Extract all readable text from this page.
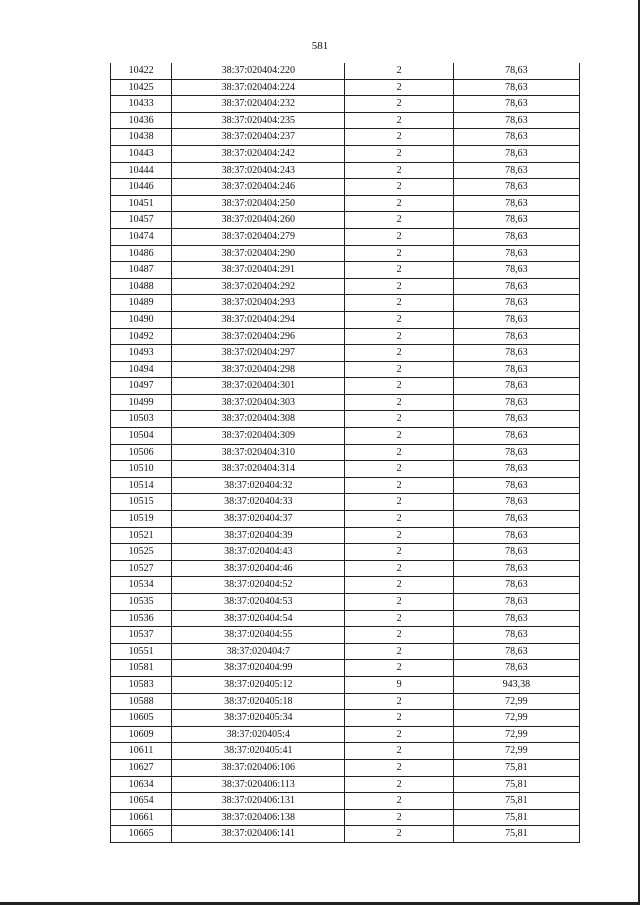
581
10422	38:37:020404:220	2	78,63
10425	38:37:020404:224	2	78,63
10433	38:37:020404:232	2	78,63
10436	38:37:020404:235	2	78,63
10438	38:37:020404:237	2	78,63
10443	38:37:020404:242	2	78,63
10444	38:37:020404:243	2	78,63
10446	38:37:020404:246	2	78,63
10451	38:37:020404:250	2	78,63
10457	38:37:020404:260	2	78,63
10474	38:37:020404:279	2	78,63
10486	38:37:020404:290	2	78,63
10487	38:37:020404:291	2	78,63
10488	38:37:020404:292	2	78,63
10489	38:37:020404:293	2	78,63
10490	38:37:020404:294	2	78,63
10492	38:37:020404:296	2	78,63
10493	38:37:020404:297	2	78,63
10494	38:37:020404:298	2	78,63
10497	38:37:020404:301	2	78,63
10499	38:37:020404:303	2	78,63
10503	38:37:020404:308	2	78,63
10504	38:37:020404:309	2	78,63
10506	38:37:020404:310	2	78,63
10510	38:37:020404:314	2	78,63
10514	38:37:020404:32	2	78,63
10515	38:37:020404:33	2	78,63
10519	38:37:020404:37	2	78,63
10521	38:37:020404:39	2	78,63
10525	38:37:020404:43	2	78,63
10527	38:37:020404:46	2	78,63
10534	38:37:020404:52	2	78,63
10535	38:37:020404:53	2	78,63
10536	38:37:020404:54	2	78,63
10537	38:37:020404:55	2	78,63
10551	38:37:020404:7	2	78,63
10581	38:37:020404:99	2	78,63
10583	38:37:020405:12	9	943,38
10588	38:37:020405:18	2	72,99
10605	38:37:020405:34	2	72,99
10609	38:37:020405:4	2	72,99
10611	38:37:020405:41	2	72,99
10627	38:37:020406:106	2	75,81
10634	38:37:020406:113	2	75,81
10654	38:37:020406:131	2	75,81
10661	38:37:020406:138	2	75,81
10665	38:37:020406:141	2	75,81
